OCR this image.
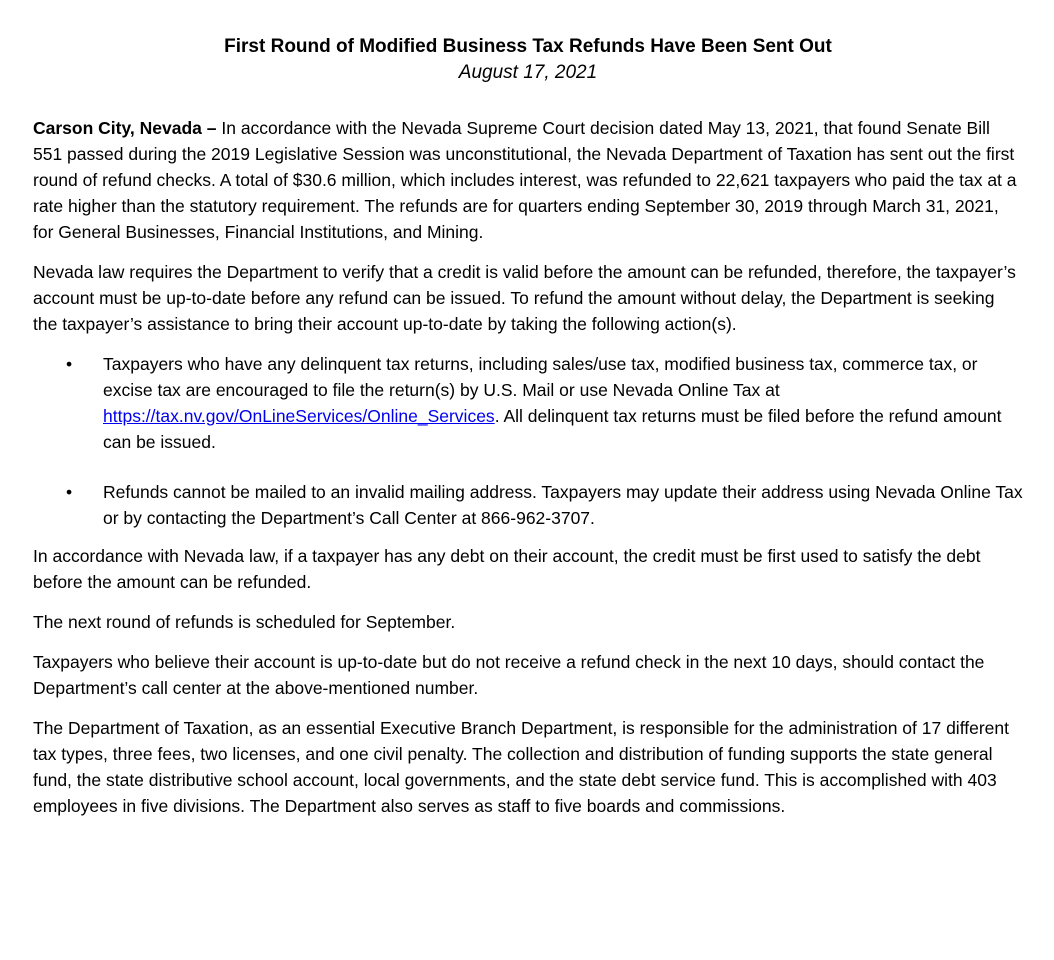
First Round of Modified Business Tax Refunds Have Been Sent Out
August 17, 2021

Carson City, Nevada – In accordance with the Nevada Supreme Court decision dated May 13, 2021, that found Senate Bill 551 passed during the 2019 Legislative Session was unconstitutional, the Nevada Department of Taxation has sent out the first round of refund checks. A total of $30.6 million, which includes interest, was refunded to 22,621 taxpayers who paid the tax at a rate higher than the statutory requirement. The refunds are for quarters ending September 30, 2019 through March 31, 2021, for General Businesses, Financial Institutions, and Mining.

Nevada law requires the Department to verify that a credit is valid before the amount can be refunded, therefore, the taxpayer’s account must be up-to-date before any refund can be issued. To refund the amount without delay, the Department is seeking the taxpayer’s assistance to bring their account up-to-date by taking the following action(s).

• Taxpayers who have any delinquent tax returns, including sales/use tax, modified business tax, commerce tax, or excise tax are encouraged to file the return(s) by U.S. Mail or use Nevada Online Tax at https://tax.nv.gov/OnLineServices/Online_Services. All delinquent tax returns must be filed before the refund amount can be issued.
• Refunds cannot be mailed to an invalid mailing address. Taxpayers may update their address using Nevada Online Tax or by contacting the Department’s Call Center at 866-962-3707.

In accordance with Nevada law, if a taxpayer has any debt on their account, the credit must be first used to satisfy the debt before the amount can be refunded.

The next round of refunds is scheduled for September.

Taxpayers who believe their account is up-to-date but do not receive a refund check in the next 10 days, should contact the Department’s call center at the above-mentioned number.

The Department of Taxation, as an essential Executive Branch Department, is responsible for the administration of 17 different tax types, three fees, two licenses, and one civil penalty. The collection and distribution of funding supports the state general fund, the state distributive school account, local governments, and the state debt service fund. This is accomplished with 403 employees in five divisions. The Department also serves as staff to five boards and commissions.
